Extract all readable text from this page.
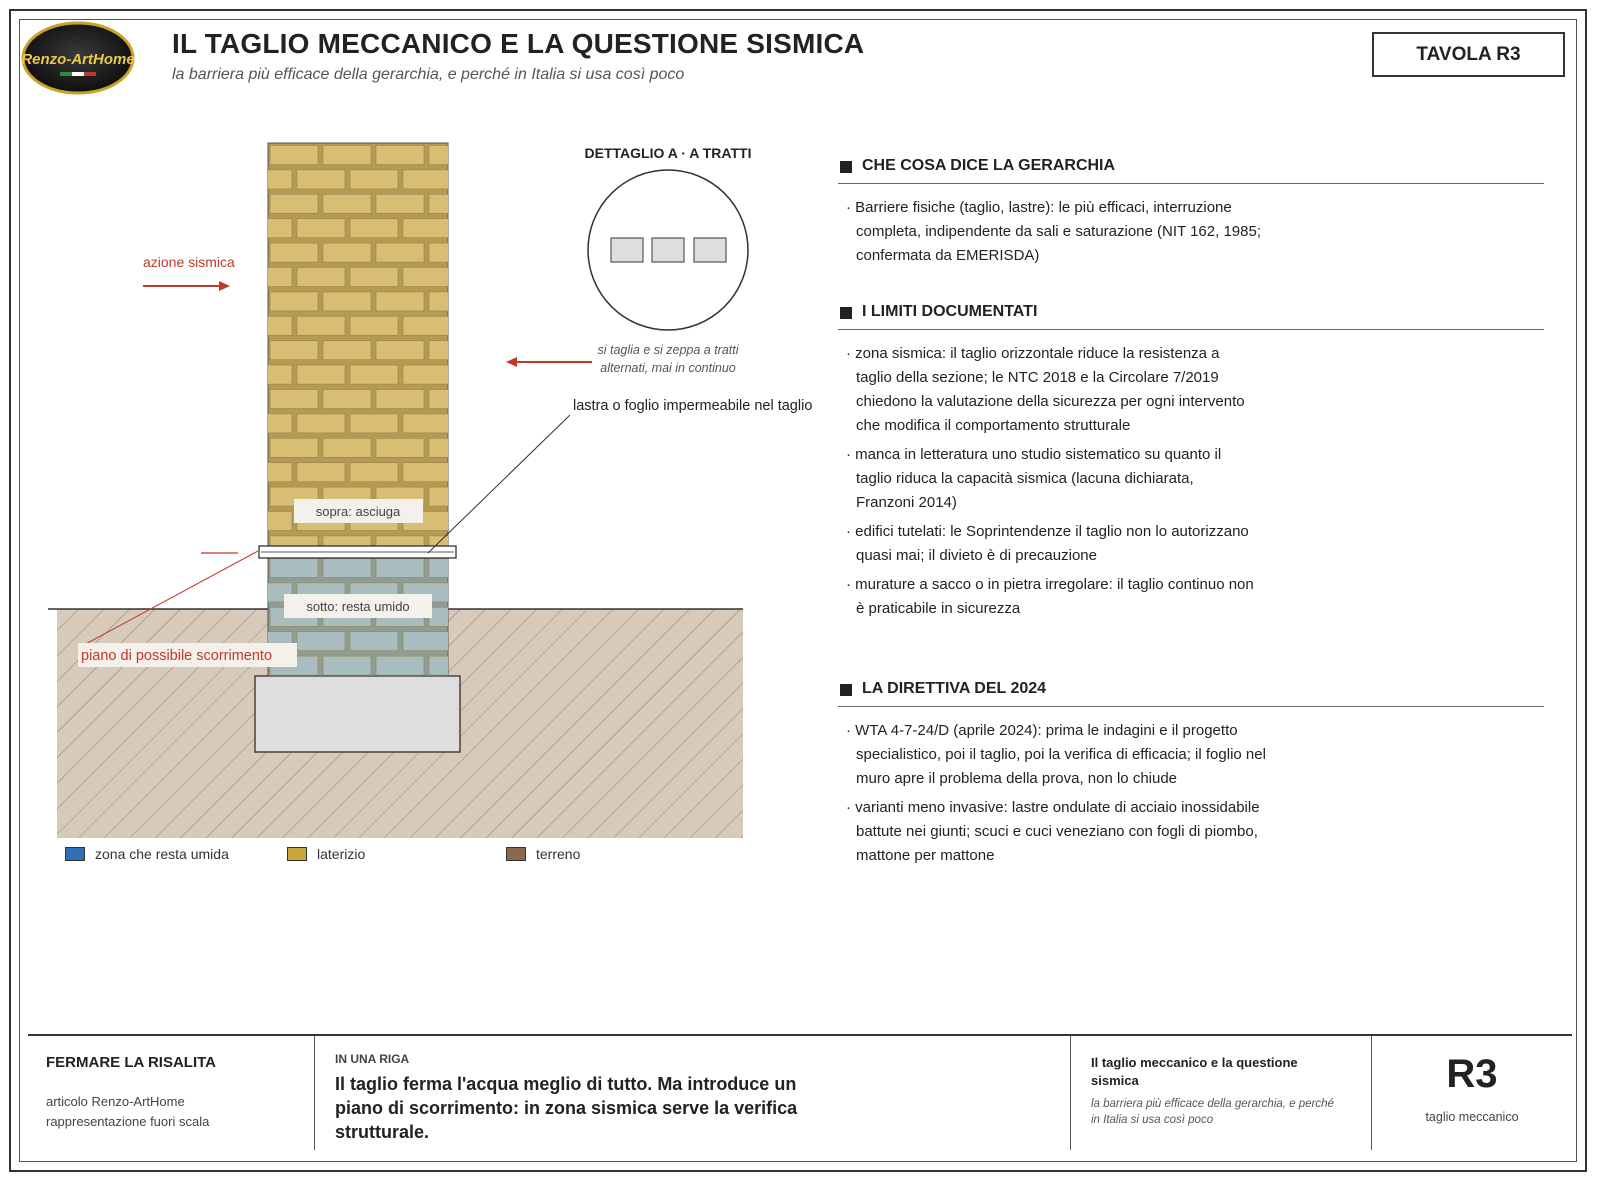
Renzo-ArtHome
IL TAGLIO MECCANICO E LA QUESTIONE SISMICA
la barriera più efficace della gerarchia, e perché in Italia si usa così poco
TAVOLA R3
sopra: asciuga
sotto: resta umido
azione sismica
piano di possibile scorrimento
lastra o foglio impermeabile nel taglio
DETTAGLIO A · A TRATTI
si taglia e si zeppa a tratti
alternati, mai in continuo
zona che resta umida	laterizio	terreno
CHE COSA DICE LA GERARCHIA
· Barriere fisiche (taglio, lastre): le più efficaci, interruzione completa, indipendente da sali e saturazione (NIT 162, 1985; confermata da EMERISDA)
I LIMITI DOCUMENTATI
· zona sismica: il taglio orizzontale riduce la resistenza a taglio della sezione; le NTC 2018 e la Circolare 7/2019 chiedono la valutazione della sicurezza per ogni intervento che modifica il comportamento strutturale
· manca in letteratura uno studio sistematico su quanto il taglio riduca la capacità sismica (lacuna dichiarata, Franzoni 2014)
· edifici tutelati: le Soprintendenze il taglio non lo autorizzano quasi mai; il divieto è di precauzione
· murature a sacco o in pietra irregolare: il taglio continuo non è praticabile in sicurezza
LA DIRETTIVA DEL 2024
· WTA 4-7-24/D (aprile 2024): prima le indagini e il progetto specialistico, poi il taglio, poi la verifica di efficacia; il foglio nel muro apre il problema della prova, non lo chiude
· varianti meno invasive: lastre ondulate di acciaio inossidabile battute nei giunti; scuci e cuci veneziano con fogli di piombo, mattone per mattone
FERMARE LA RISALITA
articolo Renzo-ArtHome
rappresentazione fuori scala
IN UNA RIGA
Il taglio ferma l'acqua meglio di tutto. Ma introduce un piano di scorrimento: in zona sismica serve la verifica strutturale.
Il taglio meccanico e la questione sismica
la barriera più efficace della gerarchia, e perché in Italia si usa così poco
R3
taglio meccanico
